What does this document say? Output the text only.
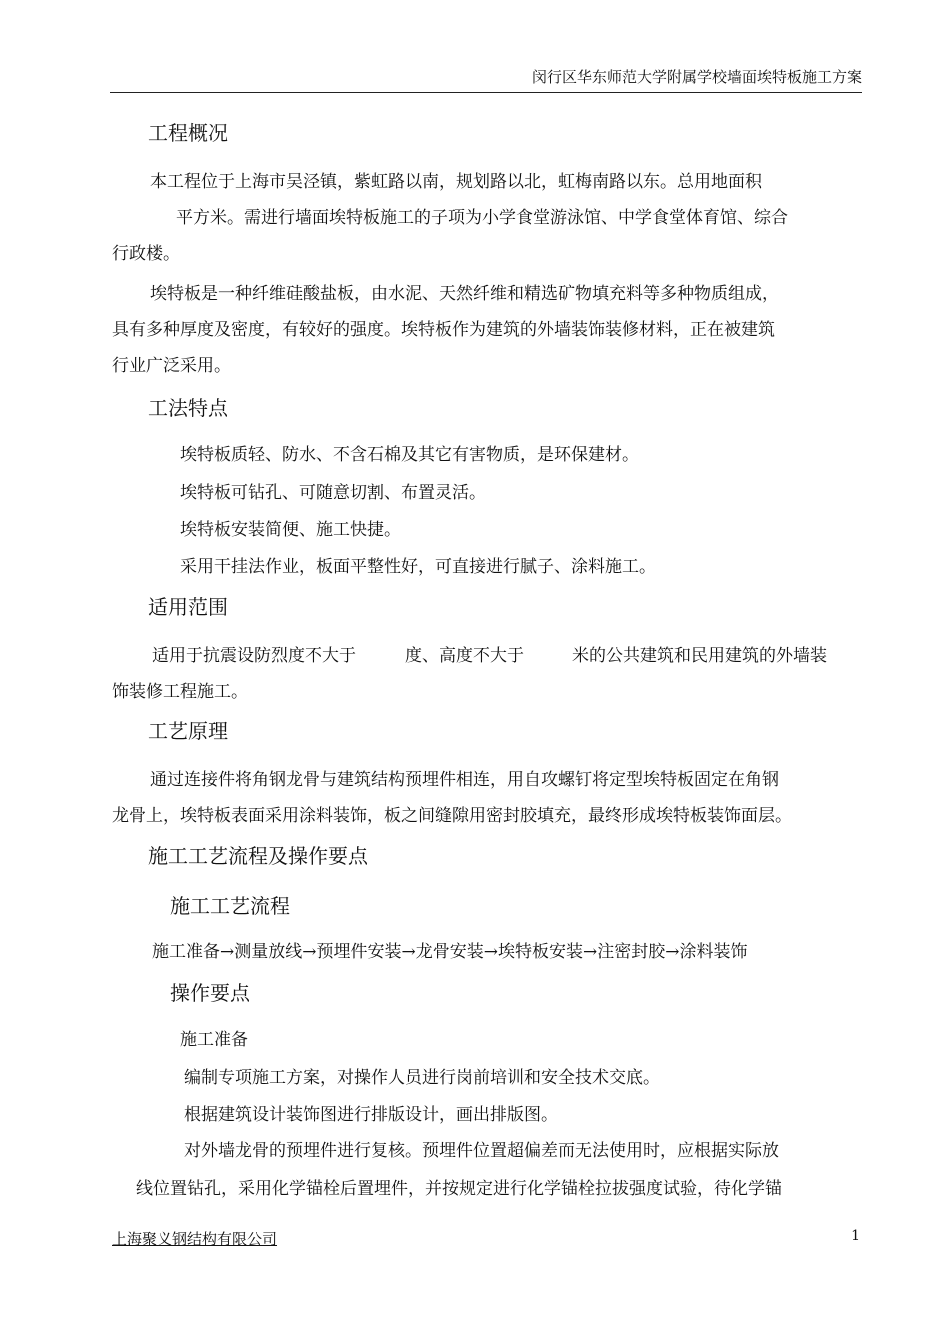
闵行区华东师范大学附属学校墙面埃特板施工方案
工程概况
本工程位于上海市吴泾镇，紫虹路以南，规划路以北，虹梅南路以东。总用地面积
平方米。需进行墙面埃特板施工的子项为小学食堂游泳馆、中学食堂体育馆、综合
行政楼。
埃特板是一种纤维硅酸盐板，由水泥、天然纤维和精选矿物填充料等多种物质组成，
具有多种厚度及密度，有较好的强度。埃特板作为建筑的外墙装饰装修材料，正在被建筑
行业广泛采用。
工法特点
埃特板质轻、防水、不含石棉及其它有害物质，是环保建材。
埃特板可钻孔、可随意切割、布置灵活。
埃特板安装简便、施工快捷。
采用干挂法作业，板面平整性好，可直接进行腻子、涂料施工。
适用范围
适用于抗震设防烈度不大于	度、高度不大于	米的公共建筑和民用建筑的外墙装
饰装修工程施工。
工艺原理
通过连接件将角钢龙骨与建筑结构预埋件相连，用自攻螺钉将定型埃特板固定在角钢
龙骨上，埃特板表面采用涂料装饰，板之间缝隙用密封胶填充，最终形成埃特板装饰面层。
施工工艺流程及操作要点
施工工艺流程
施工准备→测量放线→预埋件安装→龙骨安装→埃特板安装→注密封胶→涂料装饰
操作要点
施工准备
编制专项施工方案，对操作人员进行岗前培训和安全技术交底。
根据建筑设计装饰图进行排版设计，画出排版图。
对外墙龙骨的预埋件进行复核。预埋件位置超偏差而无法使用时，应根据实际放
线位置钻孔，采用化学锚栓后置埋件，并按规定进行化学锚栓拉拔强度试验，待化学锚
上海聚义钢结构有限公司	1
